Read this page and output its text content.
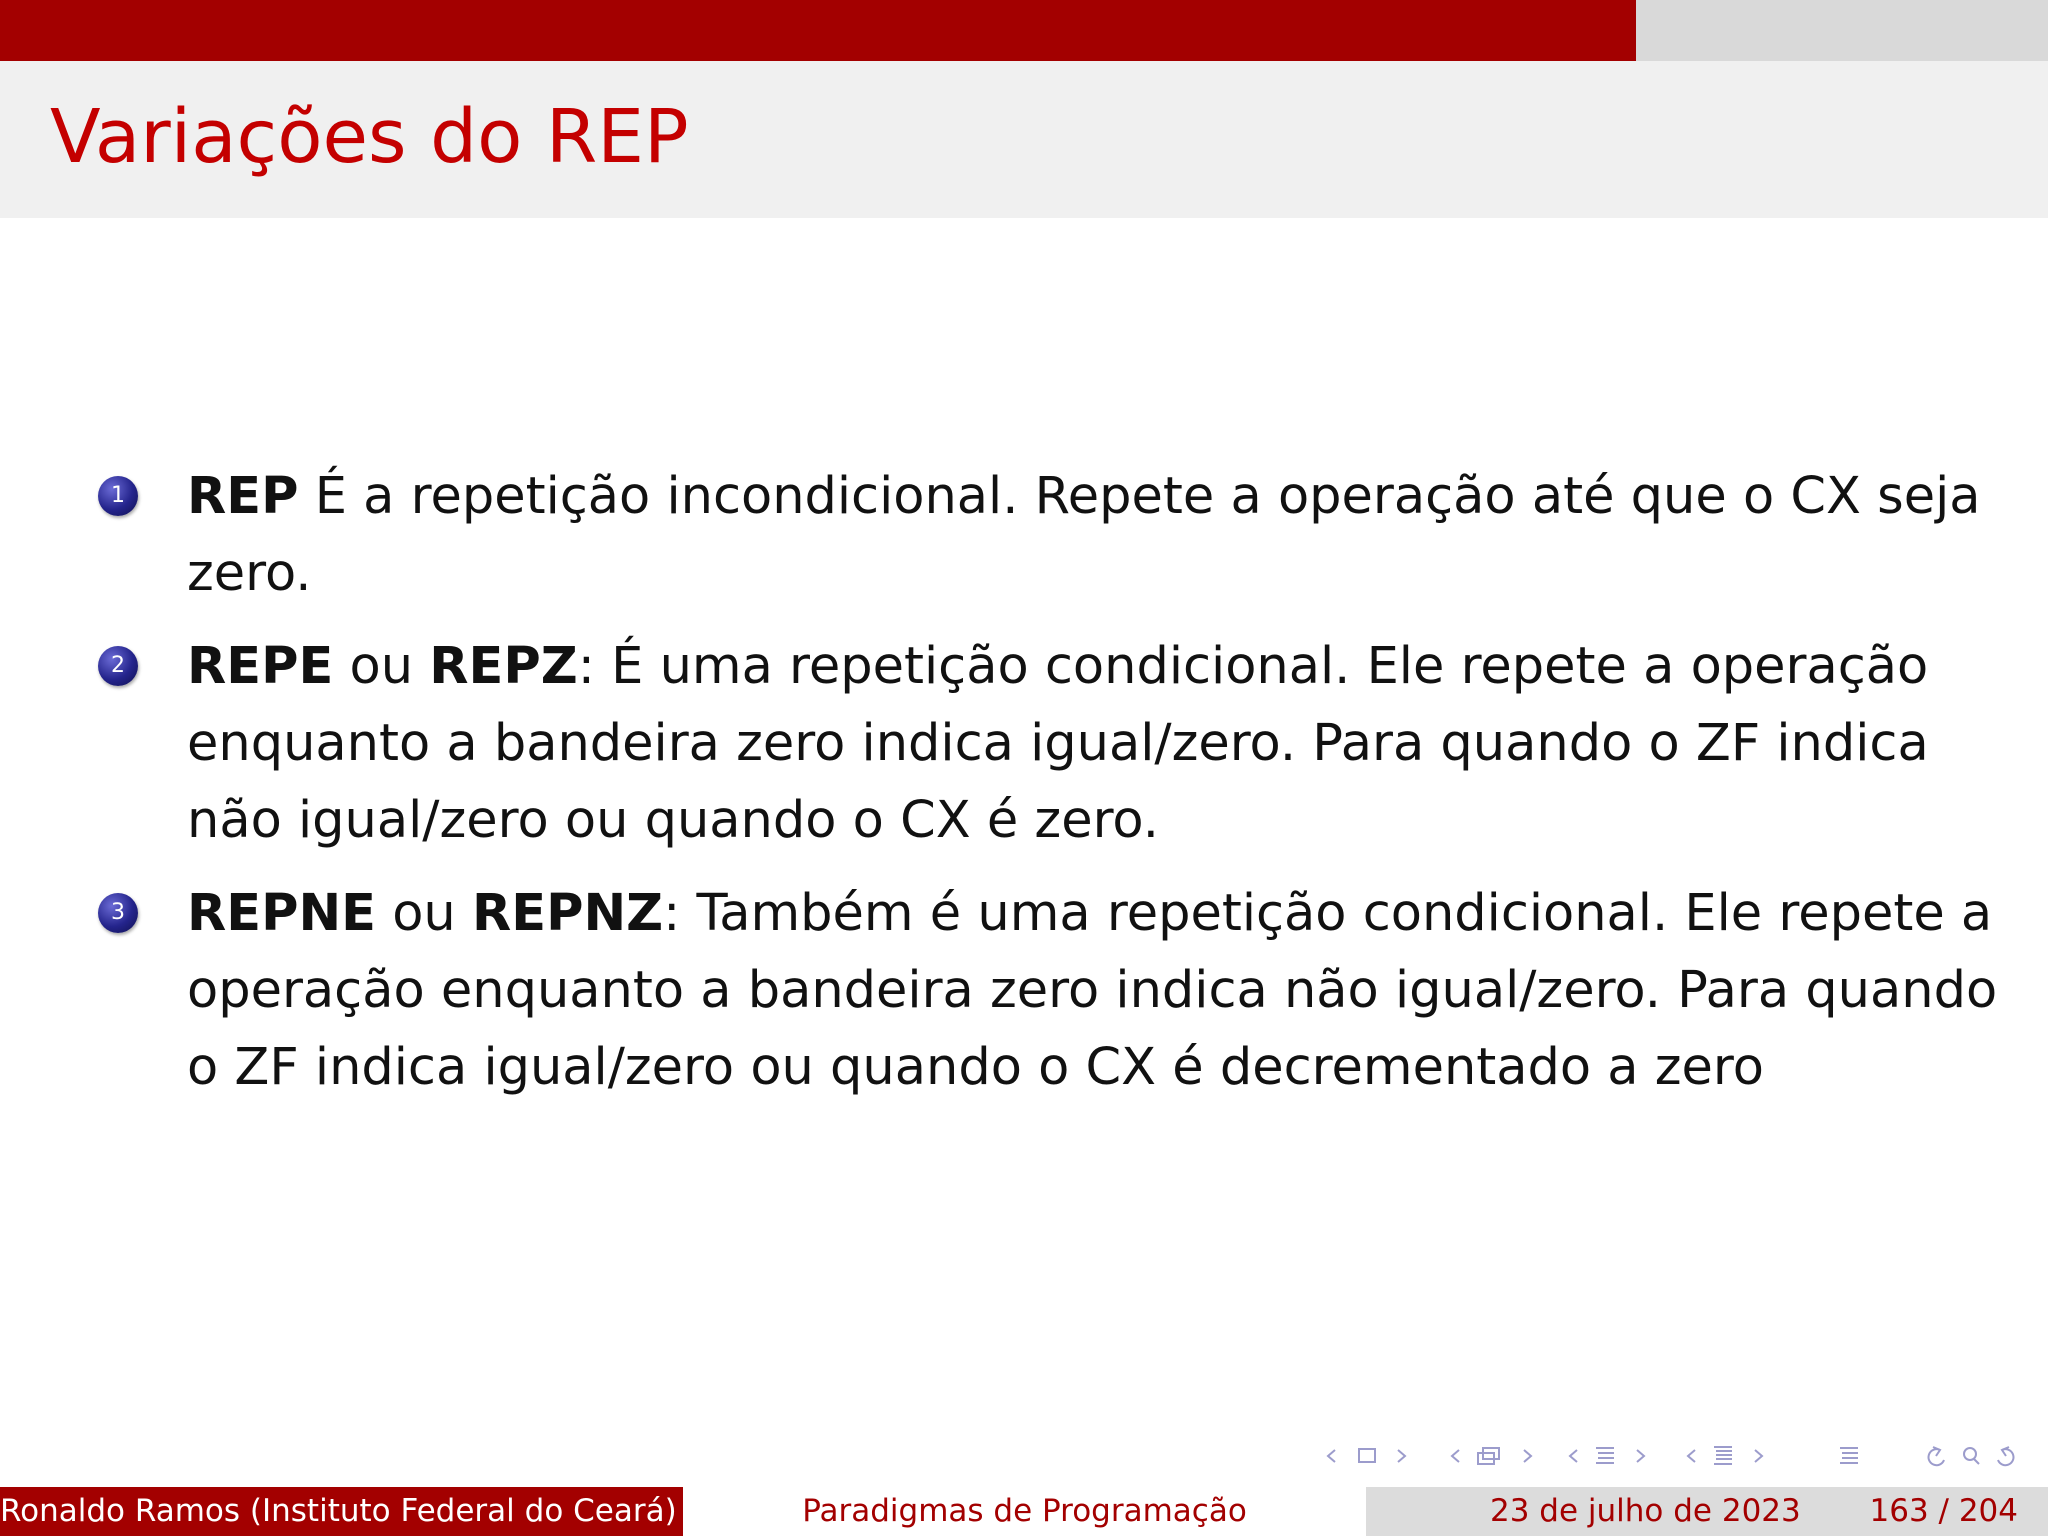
Variações do REP
1 REP É a repetição incondicional. Repete a operação até que o CX seja zero.
2 REPE ou REPZ: É uma repetição condicional. Ele repete a operação enquanto a bandeira zero indica igual/zero. Para quando o ZF indica não igual/zero ou quando o CX é zero.
3 REPNE ou REPNZ: Também é uma repetição condicional. Ele repete a operação enquanto a bandeira zero indica não igual/zero. Para quando o ZF indica igual/zero ou quando o CX é decrementado a zero
Ronaldo Ramos (Instituto Federal do Ceará)	Paradigmas de Programação	23 de julho de 2023 163 / 204
